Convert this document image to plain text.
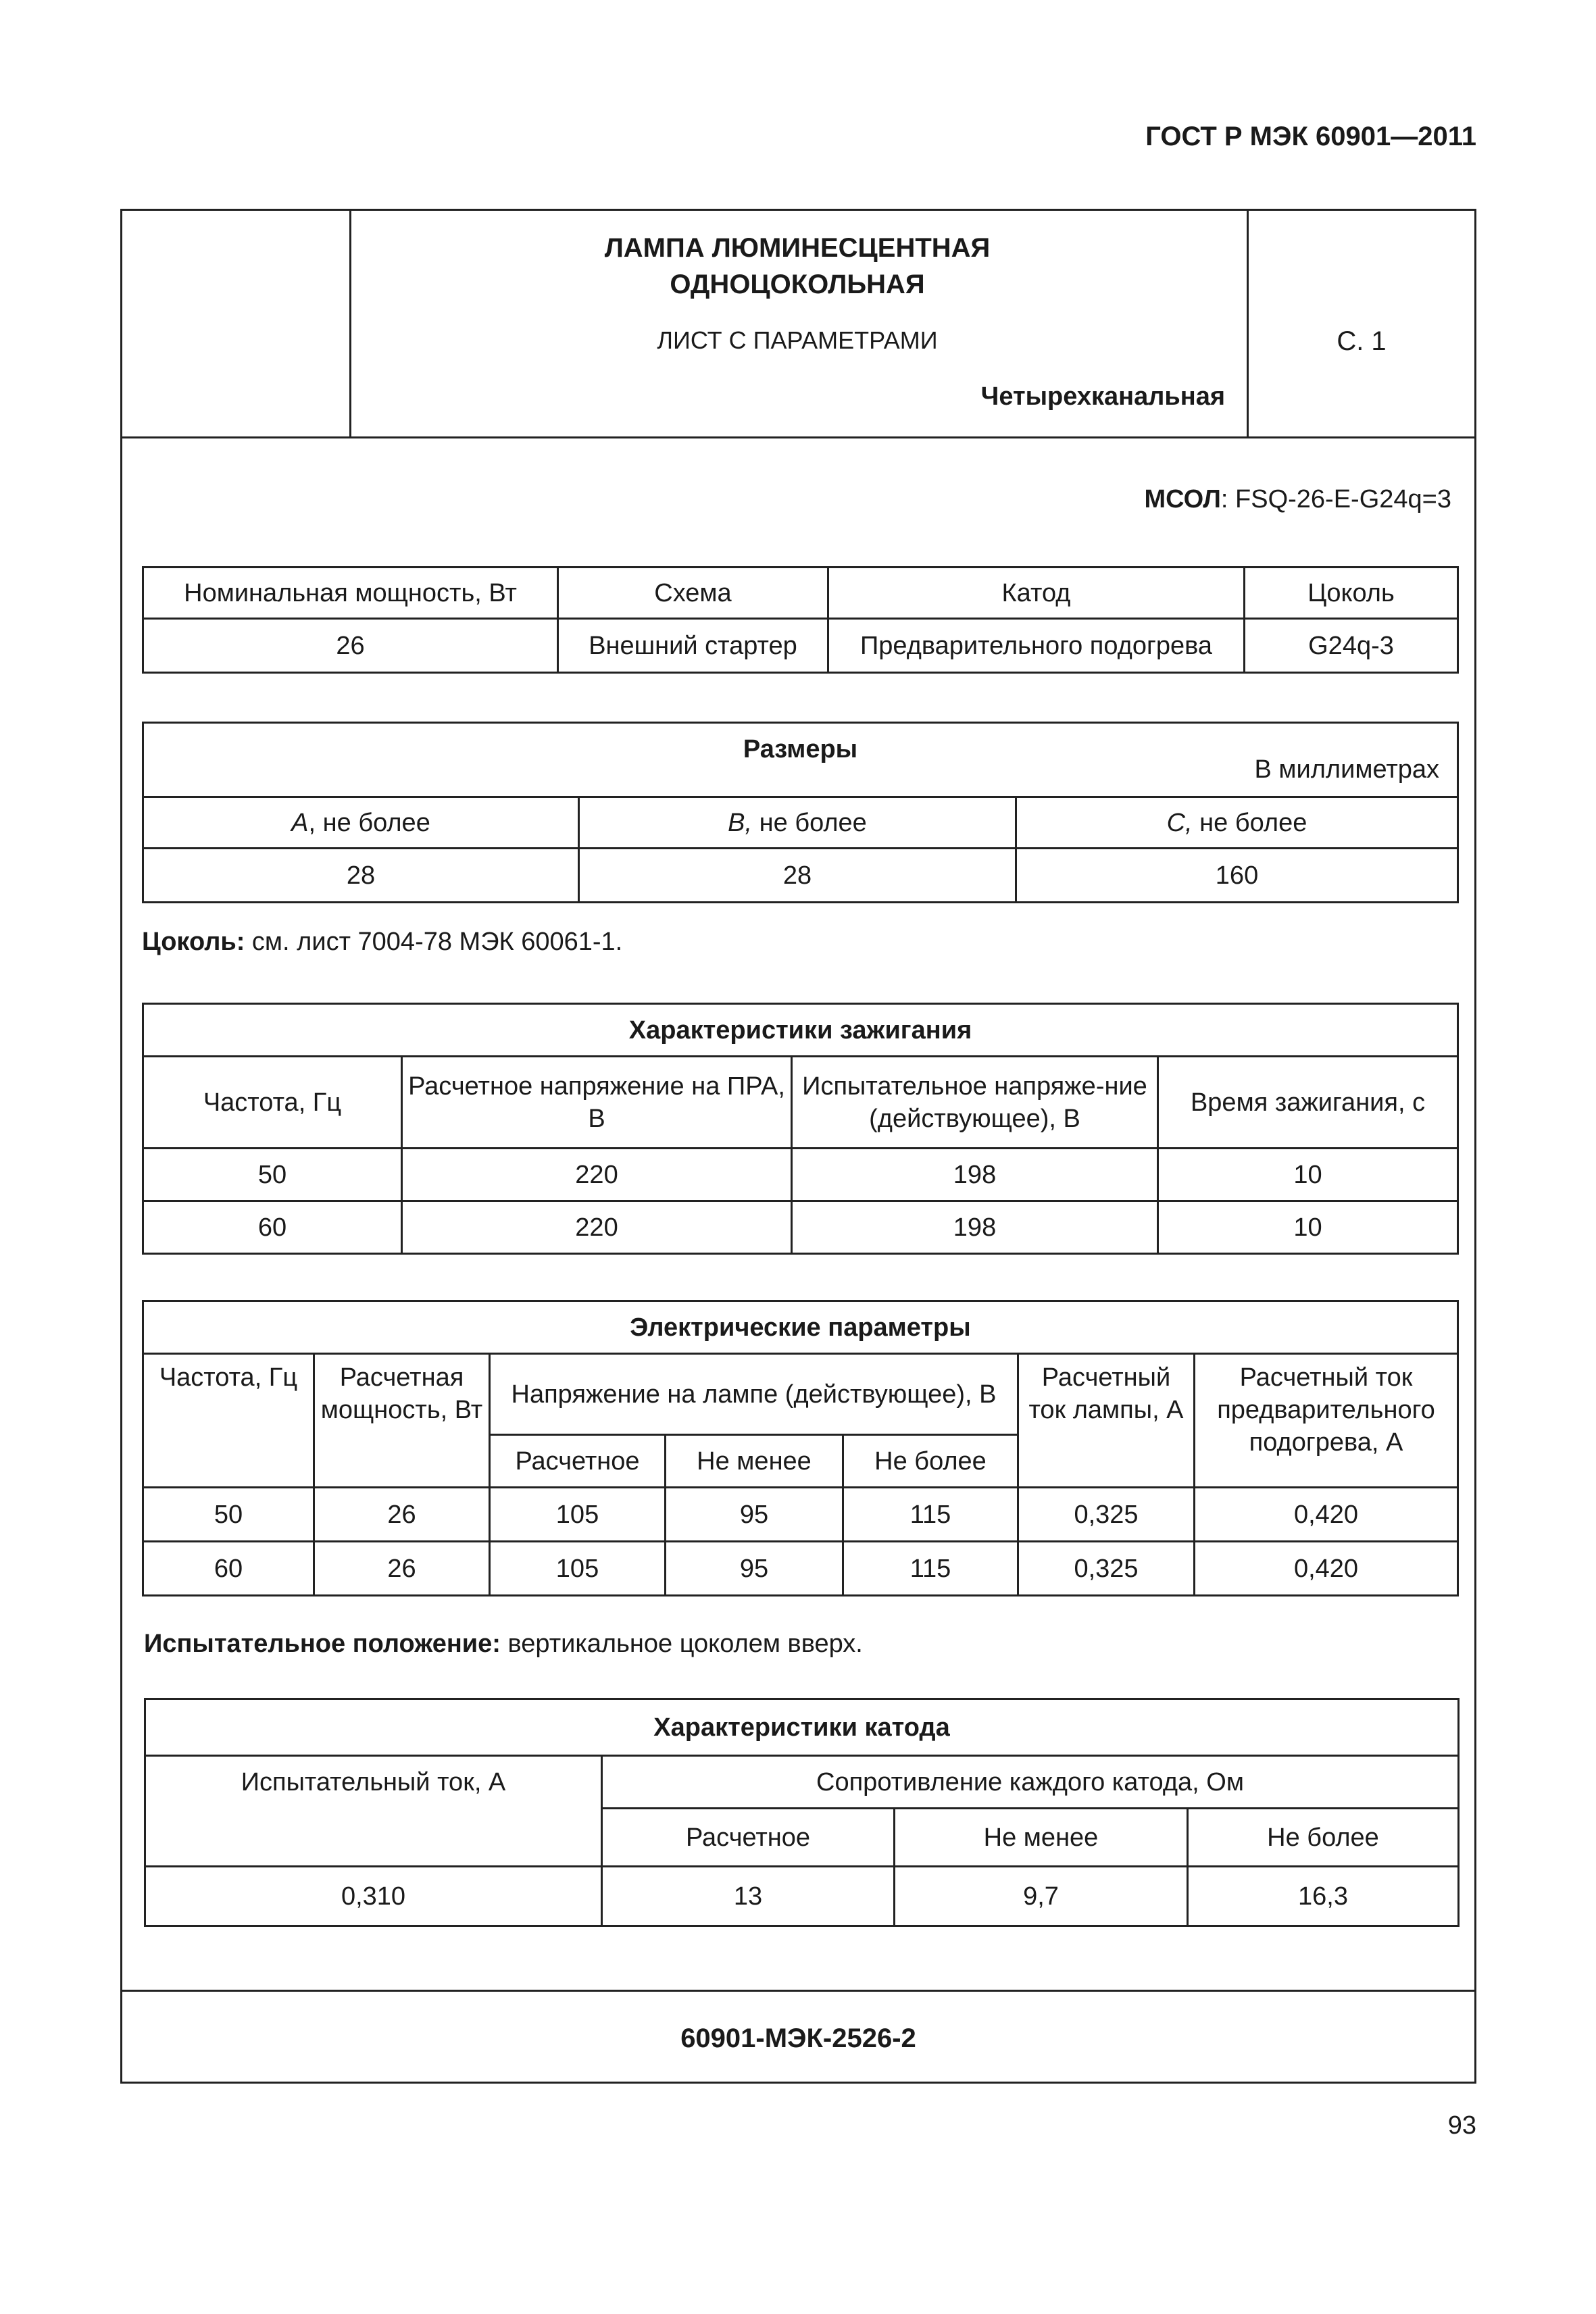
ГОСТ Р МЭК 60901—2011
ЛАМПА ЛЮМИНЕСЦЕНТНАЯ
ОДНОЦОКОЛЬНАЯ
ЛИСТ С ПАРАМЕТРАМИ
Четырехканальная
С. 1
МСОЛ: FSQ-26-E-G24q=3
Номинальная мощность, Вт	Схема	Катод	Цоколь
26	Внешний стартер	Предварительного подогрева	G24q-3
Размеры
В миллиметрах		

А, не более	В, не более	С, не более
28	28	160
Цоколь: см. лист 7004-78 МЭК 60061-1.
Характеристики зажигания			
Частота, Гц	Расчетное напряжение на ПРА, В	Испытательное напряже-ние (действующее), В	Время зажигания, с
50	220	198	10
60	220	198	10
Электрические параметры						
Частота, Гц	Расчетная мощность, Вт	Напряжение на лампе (действующее), В			Расчетный ток лампы, А	Расчетный ток предварительного подогрева, А
		Расчетное	Не менее	Не более		
50	26	105	95	115	0,325	0,420
60	26	105	95	115	0,325	0,420
Испытательное положение: вертикальное цоколем вверх.
Характеристики катода			
Испытательный ток, А	Сопротивление каждого катода, Ом		
	Расчетное	Не менее	Не более
0,310	13	9,7	16,3
60901-МЭК-2526-2
93
